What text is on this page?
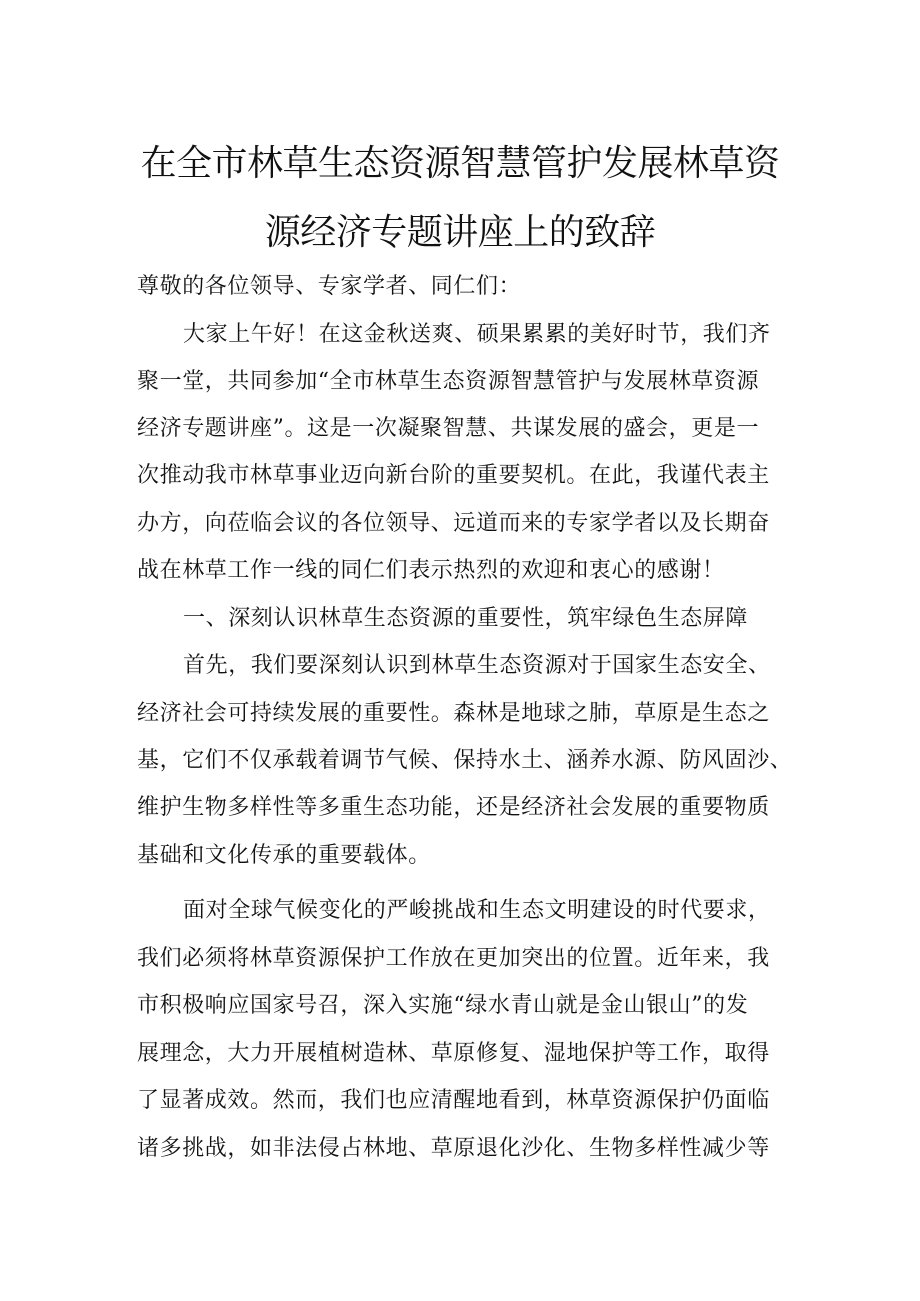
在全市林草生态资源智慧管护发展林草资
源经济专题讲座上的致辞

尊敬的各位领导、专家学者、同仁们：

大家上午好！在这金秋送爽、硕果累累的美好时节，我们齐

聚一堂，共同参加“全市林草生态资源智慧管护与发展林草资源

经济专题讲座”。这是一次凝聚智慧、共谋发展的盛会，更是一

次推动我市林草事业迈向新台阶的重要契机。在此，我谨代表主

办方，向莅临会议的各位领导、远道而来的专家学者以及长期奋

战在林草工作一线的同仁们表示热烈的欢迎和衷心的感谢！

一、深刻认识林草生态资源的重要性，筑牢绿色生态屏障

首先，我们要深刻认识到林草生态资源对于国家生态安全、

经济社会可持续发展的重要性。森林是地球之肺，草原是生态之

基，它们不仅承载着调节气候、保持水土、涵养水源、防风固沙、

维护生物多样性等多重生态功能，还是经济社会发展的重要物质

基础和文化传承的重要载体。

面对全球气候变化的严峻挑战和生态文明建设的时代要求，

我们必须将林草资源保护工作放在更加突出的位置。近年来，我

市积极响应国家号召，深入实施“绿水青山就是金山银山”的发

展理念，大力开展植树造林、草原修复、湿地保护等工作，取得

了显著成效。然而，我们也应清醒地看到，林草资源保护仍面临

诸多挑战，如非法侵占林地、草原退化沙化、生物多样性减少等
